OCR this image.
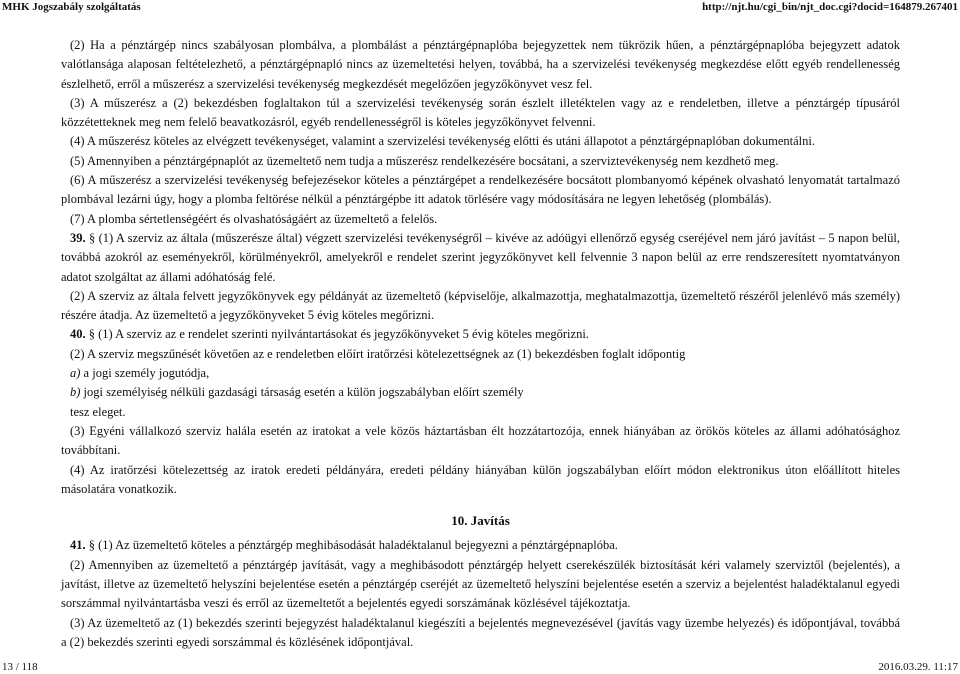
MHK Jogszabály szolgáltatás	http://njt.hu/cgi_bin/njt_doc.cgi?docid=164879.267401

(2) Ha a pénztárgép nincs szabályosan plombálva, a plombálást a pénztárgépnaplóba bejegyzettek nem tükrözik hűen, a pénztárgépnaplóba bejegyzett adatok valótlansága alaposan feltételezhető, a pénztárgépnapló nincs az üzemeltetési helyen, továbbá, ha a szervizelési tevékenység megkezdése előtt egyéb rendellenesség észlelhető, erről a műszerész a szervizelési tevékenység megkezdését megelőzően jegyzőkönyvet vesz fel.

(3) A műszerész a (2) bekezdésben foglaltakon túl a szervizelési tevékenység során észlelt illetéktelen vagy az e rendeletben, illetve a pénztárgép típusáról közzétetteknek meg nem felelő beavatkozásról, egyéb rendellenességről is köteles jegyzőkönyvet felvenni.

(4) A műszerész köteles az elvégzett tevékenységet, valamint a szervizelési tevékenység előtti és utáni állapotot a pénztárgépnaplóban dokumentálni.

(5) Amennyiben a pénztárgépnaplót az üzemeltető nem tudja a műszerész rendelkezésére bocsátani, a szerviztevékenység nem kezdhető meg.

(6) A műszerész a szervizelési tevékenység befejezésekor köteles a pénztárgépet a rendelkezésére bocsátott plombanyomó képének olvasható lenyomatát tartalmazó plombával lezárni úgy, hogy a plomba feltörése nélkül a pénztárgépbe itt adatok törlésére vagy módosítására ne legyen lehetőség (plombálás).

(7) A plomba sértetlenségéért és olvashatóságáért az üzemeltető a felelős.

39. § (1) A szerviz az általa (műszerésze által) végzett szervizelési tevékenységről – kivéve az adóügyi ellenőrző egység cseréjével nem járó javítást – 5 napon belül, továbbá azokról az eseményekről, körülményekről, amelyekről e rendelet szerint jegyzőkönyvet kell felvennie 3 napon belül az erre rendszeresített nyomtatványon adatot szolgáltat az állami adóhatóság felé.

(2) A szerviz az általa felvett jegyzőkönyvek egy példányát az üzemeltető (képviselője, alkalmazottja, meghatalmazottja, üzemeltető részéről jelenlévő más személy) részére átadja. Az üzemeltető a jegyzőkönyveket 5 évig köteles megőrizni.

40. § (1) A szerviz az e rendelet szerinti nyilvántartásokat és jegyzőkönyveket 5 évig köteles megőrizni.

(2) A szerviz megszűnését követően az e rendeletben előírt iratőrzési kötelezettségnek az (1) bekezdésben foglalt időpontig

a) a jogi személy jogutódja,

b) jogi személyiség nélküli gazdasági társaság esetén a külön jogszabályban előírt személy

tesz eleget.

(3) Egyéni vállalkozó szerviz halála esetén az iratokat a vele közös háztartásban élt hozzátartozója, ennek hiányában az örökös köteles az állami adóhatósághoz továbbítani.

(4) Az iratőrzési kötelezettség az iratok eredeti példányára, eredeti példány hiányában külön jogszabályban előírt módon elektronikus úton előállított hiteles másolatára vonatkozik.

10. Javítás

41. § (1) Az üzemeltető köteles a pénztárgép meghibásodását haladéktalanul bejegyezni a pénztárgépnaplóba.

(2) Amennyiben az üzemeltető a pénztárgép javítását, vagy a meghibásodott pénztárgép helyett cserekészülék biztosítását kéri valamely szerviztől (bejelentés), a javítást, illetve az üzemeltető helyszíni bejelentése esetén a pénztárgép cseréjét az üzemeltető helyszíni bejelentése esetén a szerviz a bejelentést haladéktalanul egyedi sorszámmal nyilvántartásba veszi és erről az üzemeltetőt a bejelentés egyedi sorszámának közlésével tájékoztatja.

(3) Az üzemeltető az (1) bekezdés szerinti bejegyzést haladéktalanul kiegészíti a bejelentés megnevezésével (javítás vagy üzembe helyezés) és időpontjával, továbbá a (2) bekezdés szerinti egyedi sorszámmal és közlésének időpontjával.

13 / 118	2016.03.29. 11:17
